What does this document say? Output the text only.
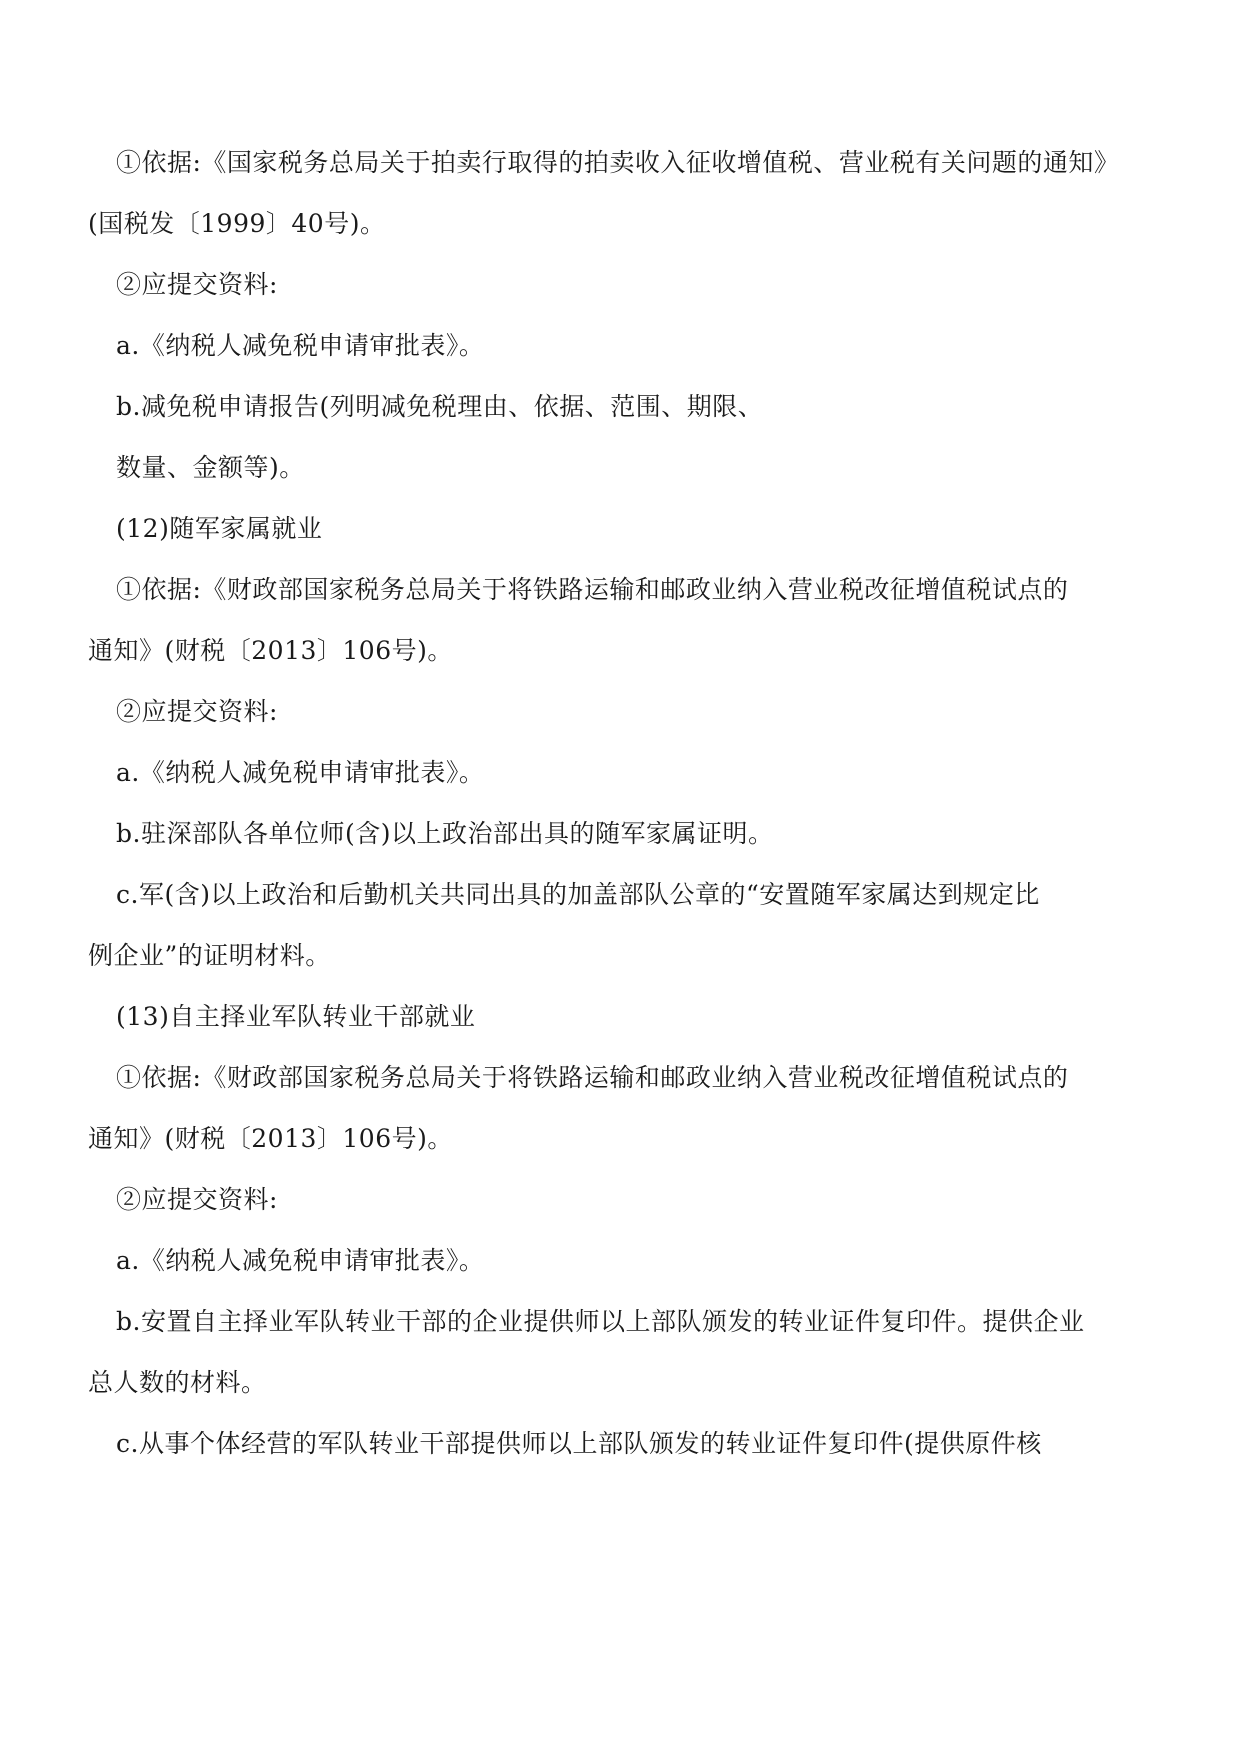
①依据:《国家税务总局关于拍卖行取得的拍卖收入征收增值税、营业税有关问题的通知》

(国税发〔1999〕40号)。

②应提交资料:

a.《纳税人减免税申请审批表》。

b.减免税申请报告(列明减免税理由、依据、范围、期限、

数量、金额等)。

(12)随军家属就业

①依据:《财政部国家税务总局关于将铁路运输和邮政业纳入营业税改征增值税试点的

通知》(财税〔2013〕106号)。

②应提交资料:

a.《纳税人减免税申请审批表》。

b.驻深部队各单位师(含)以上政治部出具的随军家属证明。

c.军(含)以上政治和后勤机关共同出具的加盖部队公章的“安置随军家属达到规定比

例企业”的证明材料。

(13)自主择业军队转业干部就业

①依据:《财政部国家税务总局关于将铁路运输和邮政业纳入营业税改征增值税试点的

通知》(财税〔2013〕106号)。

②应提交资料:

a.《纳税人减免税申请审批表》。

b.安置自主择业军队转业干部的企业提供师以上部队颁发的转业证件复印件。提供企业

总人数的材料。

c.从事个体经营的军队转业干部提供师以上部队颁发的转业证件复印件(提供原件核
